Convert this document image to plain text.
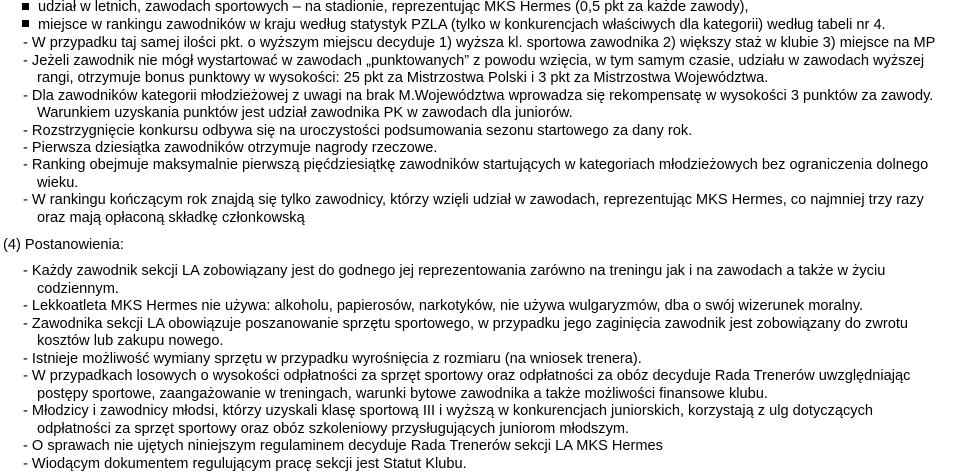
udział w letnich, zawodach sportowych – na stadionie, reprezentując MKS Hermes (0,5 pkt za każde zawody),
miejsce w rankingu zawodników w kraju według statystyk PZLA (tylko w konkurencjach właściwych dla kategorii) według tabeli nr 4.
- W przypadku taj samej ilości pkt. o wyższym miejscu decyduje 1) wyższa kl. sportowa zawodnika 2) większy staż w klubie 3) miejsce na MP
- Jeżeli zawodnik nie mógł wystartować w zawodach „punktowanych” z powodu wzięcia, w tym samym czasie, udziału w zawodach wyższej
rangi, otrzymuje bonus punktowy w wysokości: 25 pkt za Mistrzostwa Polski i 3 pkt za Mistrzostwa Województwa.
- Dla zawodników kategorii młodzieżowej z uwagi na brak M.Województwa wprowadza się rekompensatę w wysokości 3 punktów za zawody.
Warunkiem uzyskania punktów jest udział zawodnika PK w zawodach dla juniorów.
- Rozstrzygnięcie konkursu odbywa się na uroczystości podsumowania sezonu startowego za dany rok.
- Pierwsza dziesiątka zawodników otrzymuje nagrody rzeczowe.
- Ranking obejmuje maksymalnie pierwszą pięćdziesiątkę zawodników startujących w kategoriach młodzieżowych bez ograniczenia dolnego
wieku.
- W rankingu kończącym rok znajdą się tylko zawodnicy, którzy wzięli udział w zawodach, reprezentując MKS Hermes, co najmniej trzy razy
oraz mają opłaconą składkę członkowską
(4) Postanowienia:
- Każdy zawodnik sekcji LA zobowiązany jest do godnego jej reprezentowania zarówno na treningu jak i na zawodach a także w życiu
codziennym.
- Lekkoatleta MKS Hermes nie używa: alkoholu, papierosów, narkotyków, nie używa wulgaryzmów, dba o swój wizerunek moralny.
- Zawodnika sekcji LA obowiązuje poszanowanie sprzętu sportowego, w przypadku jego zaginięcia zawodnik jest zobowiązany do zwrotu
kosztów lub zakupu nowego.
- Istnieje możliwość wymiany sprzętu w przypadku wyrośnięcia z rozmiaru (na wniosek trenera).
- W przypadkach losowych o wysokości odpłatności za sprzęt sportowy oraz odpłatności za obóz decyduje Rada Trenerów uwzględniając
postępy sportowe, zaangażowanie w treningach, warunki bytowe zawodnika a także możliwości finansowe klubu.
- Młodzicy i zawodnicy młodsi, którzy uzyskali klasę sportową III i wyższą w konkurencjach juniorskich, korzystają z ulg dotyczących
odpłatności za sprzęt sportowy oraz obóz szkoleniowy przysługujących juniorom młodszym.
- O sprawach nie ujętych niniejszym regulaminem decyduje Rada Trenerów sekcji LA MKS Hermes
- Wiodącym dokumentem regulującym pracę sekcji jest Statut Klubu.
